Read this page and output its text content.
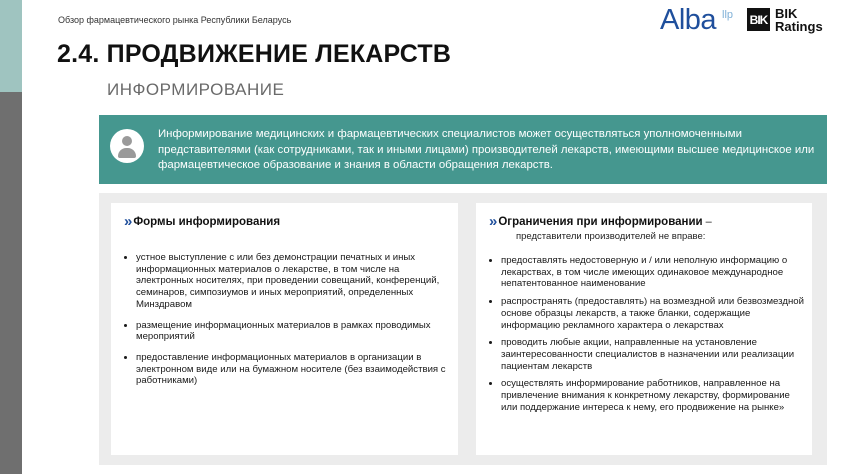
Обзор фармацевтического рынка Республики Беларусь	Alba llp BIK BIK
Ratings
2.4. ПРОДВИЖЕНИЕ ЛЕКАРСТВ
ИНФОРМИРОВАНИЕ
Информирование медицинских и фармацевтических специалистов может осуществляться уполномоченными представителями (как сотрудниками, так и иными лицами) производителей лекарств, имеющими высшее медицинское или фармацевтическое образование и знания в области обращения лекарств.
» Формы информирования
• устное выступление с или без демонстрации печатных и иных информационных материалов о лекарстве, в том числе на электронных носителях, при проведении совещаний, конференций, семинаров, симпозиумов и иных мероприятий, определенных Минздравом
• размещение информационных материалов в рамках проводимых мероприятий
• предоставление информационных материалов в организации в электронном виде или на бумажном носителе (без взаимодействия с работниками)
» Ограничения при информировании –
представители производителей не вправе:
• предоставлять недостоверную и / или неполную информацию о лекарствах, в том числе имеющих одинаковое международное непатентованное наименование
• распространять (предоставлять) на возмездной или безвозмездной основе образцы лекарств, а также бланки, содержащие информацию рекламного характера о лекарствах
• проводить любые акции, направленные на установление заинтересованности специалистов в назначении или реализации пациентам лекарств
• осуществлять информирование работников, направленное на привлечение внимания к конкретному лекарству, формирование или поддержание интереса к нему, его продвижение на рынке»
